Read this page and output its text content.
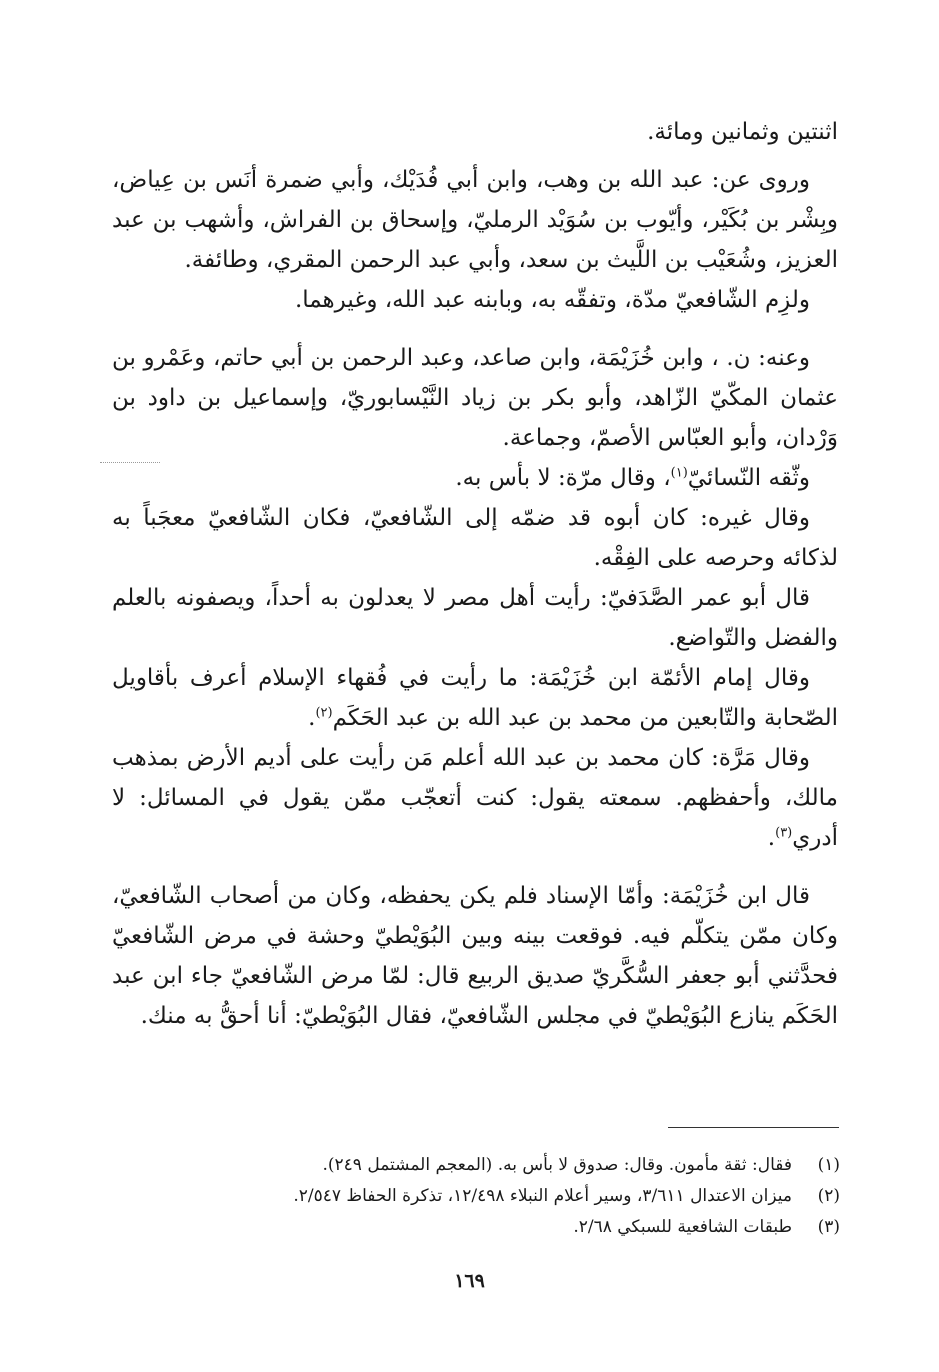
اثنتين وثمانين ومائة.

وروى عن: عبد الله بن وهب، وابن أبي فُدَيْك، وأبي ضمرة أنَس بن عِياض، وبِشْر بن بُكَيْر، وأيّوب بن سُوَيْد الرمليّ، وإسحاق بن الفراش، وأشهب بن عبد العزيز، وشُعَيْب بن اللَّيث بن سعد، وأبي عبد الرحمن المقري، وطائفة.

ولزِم الشّافعيّ مدّة، وتفقّه به، وبابنه عبد الله، وغيرهما.

وعنه: ن. ، وابن خُزَيْمَة، وابن صاعد، وعبد الرحمن بن أبي حاتم، وعَمْرو بن عثمان المكّيّ الزّاهد، وأبو بكر بن زياد النَّيْسابوريّ، وإسماعيل بن داود بن وَرْدان، وأبو العبّاس الأصمّ، وجماعة.

وثّقه النّسائيّ$^{(١)}$، وقال مرّة: لا بأس به.

وقال غيره: كان أبوه قد ضمّه إلى الشّافعيّ، فكان الشّافعيّ معجَباً به لذكائه وحرصه على الفِقْه.

قال أبو عمر الصَّدَفيّ: رأيت أهل مصر لا يعدلون به أحداً، ويصفونه بالعلم والفضل والتّواضع.

وقال إمام الأئمّة ابن خُزَيْمَة: ما رأيت في فُقهاء الإسلام أعرف بأقاويل الصّحابة والتّابعين من محمد بن عبد الله بن عبد الحَكَم$^{(٢)}$.

وقال مَرَّة: كان محمد بن عبد الله أعلم مَن رأيت على أديم الأرض بمذهب مالك، وأحفظهم. سمعته يقول: كنت أتعجّب ممّن يقول في المسائل: لا أدري$^{(٣)}$.

قال ابن خُزَيْمَة: وأمّا الإسناد فلم يكن يحفظه، وكان من أصحاب الشّافعيّ، وكان ممّن يتكلّم فيه. فوقعت بينه وبين البُوَيْطيّ وحشة في مرض الشّافعيّ فحدَّثني أبو جعفر السُّكَّريّ صديق الربيع قال: لمّا مرض الشّافعيّ جاء ابن عبد الحَكَم ينازع البُوَيْطيّ في مجلس الشّافعيّ، فقال البُوَيْطيّ: أنا أحقُّ به منك.

(١)
فقال: ثقة مأمون. وقال: صدوق لا بأس به. (المعجم المشتمل ٢٤٩).
(٢)
ميزان الاعتدال ٣/٦١١، وسير أعلام النبلاء ١٢/٤٩٨، تذكرة الحفاظ ٢/٥٤٧.
(٣)
طبقات الشافعية للسبكي ٢/٦٨.
١٦٩
